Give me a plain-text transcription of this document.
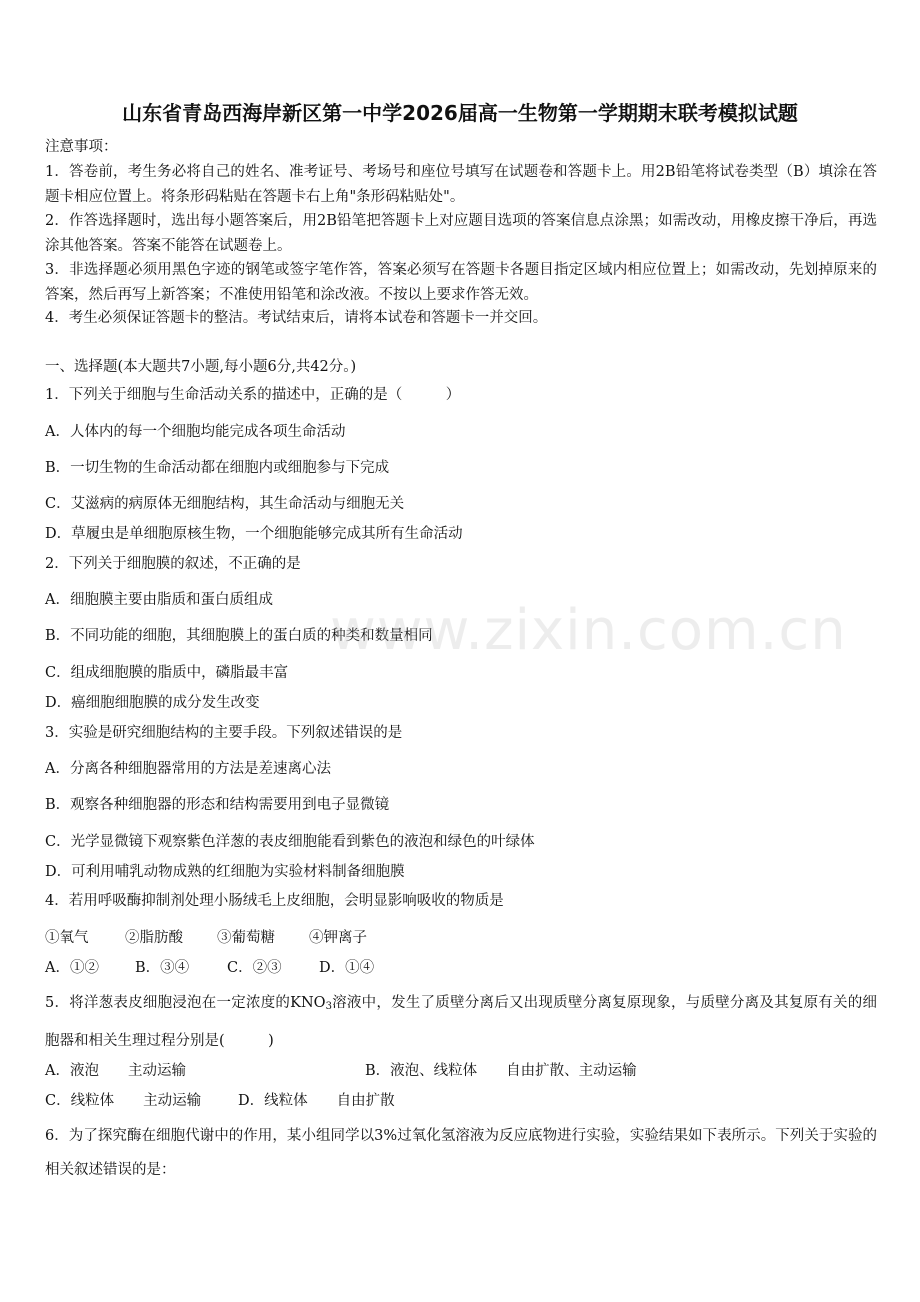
山东省青岛西海岸新区第一中学2026届高一生物第一学期期末联考模拟试题
注意事项：
1．答卷前，考生务必将自己的姓名、准考证号、考场号和座位号填写在试题卷和答题卡上。用2B铅笔将试卷类型（B）填涂在答题卡相应位置上。将条形码粘贴在答题卡右上角"条形码粘贴处"。
2．作答选择题时，选出每小题答案后，用2B铅笔把答题卡上对应题目选项的答案信息点涂黑；如需改动，用橡皮擦干净后，再选涂其他答案。答案不能答在试题卷上。
3．非选择题必须用黑色字迹的钢笔或签字笔作答，答案必须写在答题卡各题目指定区域内相应位置上；如需改动，先划掉原来的答案，然后再写上新答案；不准使用铅笔和涂改液。不按以上要求作答无效。
4．考生必须保证答题卡的整洁。考试结束后，请将本试卷和答题卡一并交回。
一、选择题(本大题共7小题,每小题6分,共42分。)
1．下列关于细胞与生命活动关系的描述中，正确的是（　　　）
A．人体内的每一个细胞均能完成各项生命活动
B．一切生物的生命活动都在细胞内或细胞参与下完成
C．艾滋病的病原体无细胞结构，其生命活动与细胞无关
D．草履虫是单细胞原核生物，一个细胞能够完成其所有生命活动
2．下列关于细胞膜的叙述，不正确的是
A．细胞膜主要由脂质和蛋白质组成
B．不同功能的细胞，其细胞膜上的蛋白质的种类和数量相同
C．组成细胞膜的脂质中，磷脂最丰富
D．癌细胞细胞膜的成分发生改变
3．实验是研究细胞结构的主要手段。下列叙述错误的是
A．分离各种细胞器常用的方法是差速离心法
B．观察各种细胞器的形态和结构需要用到电子显微镜
C．光学显微镜下观察紫色洋葱的表皮细胞能看到紫色的液泡和绿色的叶绿体
D．可利用哺乳动物成熟的红细胞为实验材料制备细胞膜
4．若用呼吸酶抑制剂处理小肠绒毛上皮细胞，会明显影响吸收的物质是
①氧气	②脂肪酸 ③葡萄糖 ④钾离子
A．①② B．③④	C．②③	D．①④
5．将洋葱表皮细胞浸泡在一定浓度的$KNO_3$溶液中，发生了质壁分离后又出现质壁分离复原现象，与质壁分离及其复原有关的细胞器和相关生理过程分别是(　　　)
A．液泡　　主动运输	B．液泡、线粒体　　自由扩散、主动运输
C．线粒体　　主动运输	D．线粒体　　自由扩散
6．为了探究酶在细胞代谢中的作用，某小组同学以3%过氧化氢溶液为反应底物进行实验，实验结果如下表所示。下列关于实验的相关叙述错误的是：
www.zixin.com.cn
